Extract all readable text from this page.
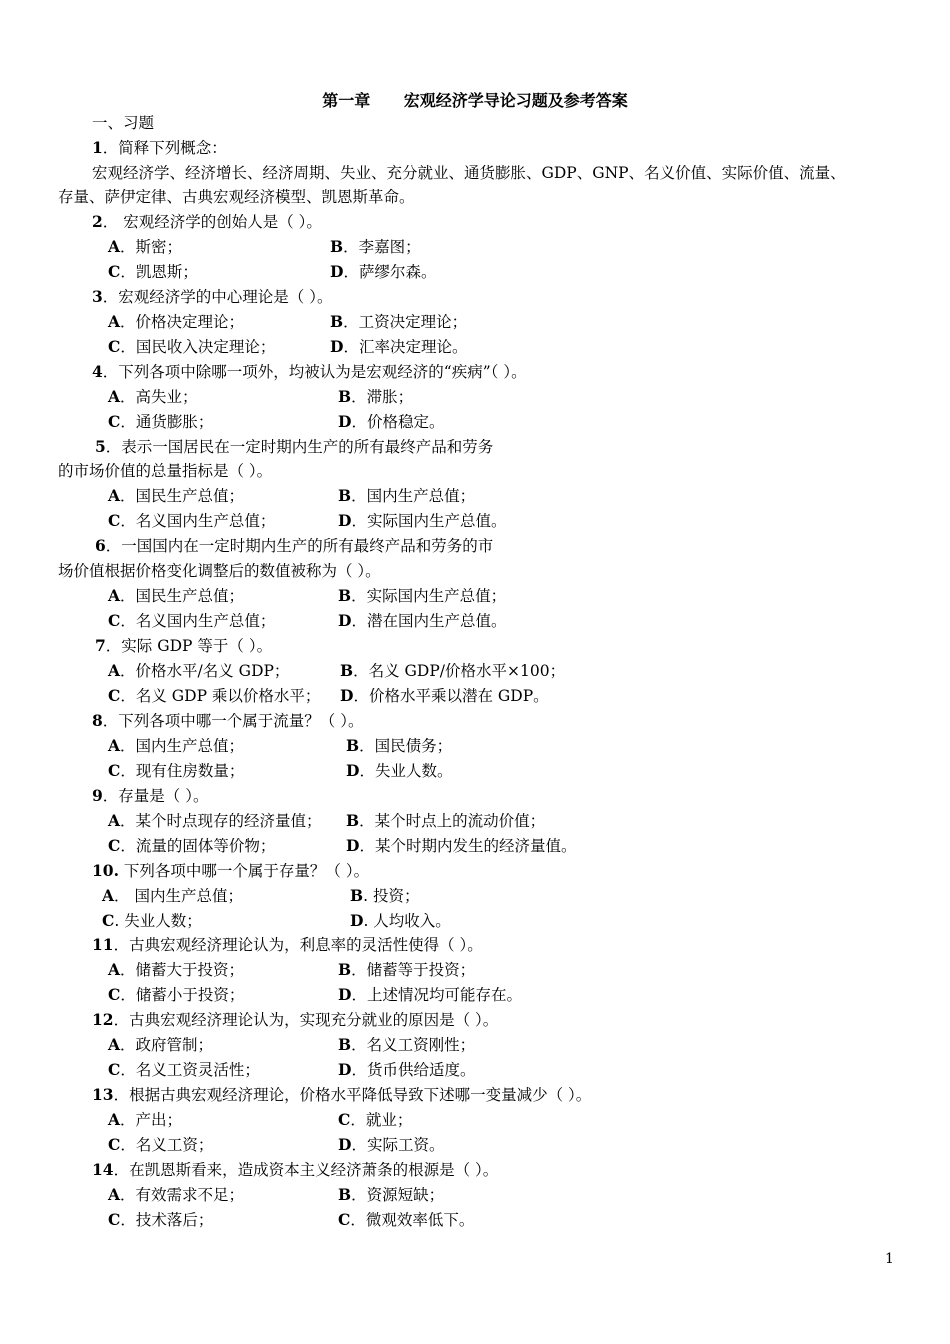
第一章      宏观经济学导论习题及参考答案
一、习题
1．简释下列概念：
宏观经济学、经济增长、经济周期、失业、充分就业、通货膨胀、GDP、GNP、名义价值、实际价值、流量、
存量、萨伊定律、古典宏观经济模型、凯恩斯革命。
2． 宏观经济学的创始人是（ ）。
A．斯密；	B．李嘉图；
C．凯恩斯；	D．萨缪尔森。
3．宏观经济学的中心理论是（ ）。
A．价格决定理论；	B．工资决定理论；
C．国民收入决定理论；	D．汇率决定理论。
4．下列各项中除哪一项外，均被认为是宏观经济的“疾病”（ ）。
A．高失业；	B．滞胀；
C．通货膨胀；	D．价格稳定。
5．表示一国居民在一定时期内生产的所有最终产品和劳务
的市场价值的总量指标是（ ）。
A．国民生产总值；	B．国内生产总值；
C．名义国内生产总值；	D．实际国内生产总值。
6．一国国内在一定时期内生产的所有最终产品和劳务的市
场价值根据价格变化调整后的数值被称为（ ）。
A．国民生产总值；	B．实际国内生产总值；
C．名义国内生产总值；	D．潜在国内生产总值。
7．实际 GDP 等于（ ）。
A．价格水平/名义 GDP；	B．名义 GDP/价格水平×100；
C．名义 GDP 乘以价格水平； D．价格水平乘以潜在 GDP。
8．下列各项中哪一个属于流量？（ ）。
A．国内生产总值；	B．国民债务；
C．现有住房数量；	D．失业人数。
9．存量是（ ）。
A．某个时点现存的经济量值； B．某个时点上的流动价值；
C．流量的固体等价物；	D．某个时期内发生的经济量值。
10. 下列各项中哪一个属于存量？（ ）。
A． 国内生产总值；	B. 投资；
C. 失业人数；	D. 人均收入。
11．古典宏观经济理论认为，利息率的灵活性使得（ ）。
A．储蓄大于投资；	B．储蓄等于投资；
C．储蓄小于投资；	D．上述情况均可能存在。
12．古典宏观经济理论认为，实现充分就业的原因是（ ）。
A．政府管制；	B．名义工资刚性；
C．名义工资灵活性；	D．货币供给适度。
13．根据古典宏观经济理论，价格水平降低导致下述哪一变量减少（ ）。
A．产出；	C．就业；
C．名义工资；	D．实际工资。
14．在凯恩斯看来，造成资本主义经济萧条的根源是（ ）。
A．有效需求不足；	B．资源短缺；
C．技术落后；	C．微观效率低下。
1
